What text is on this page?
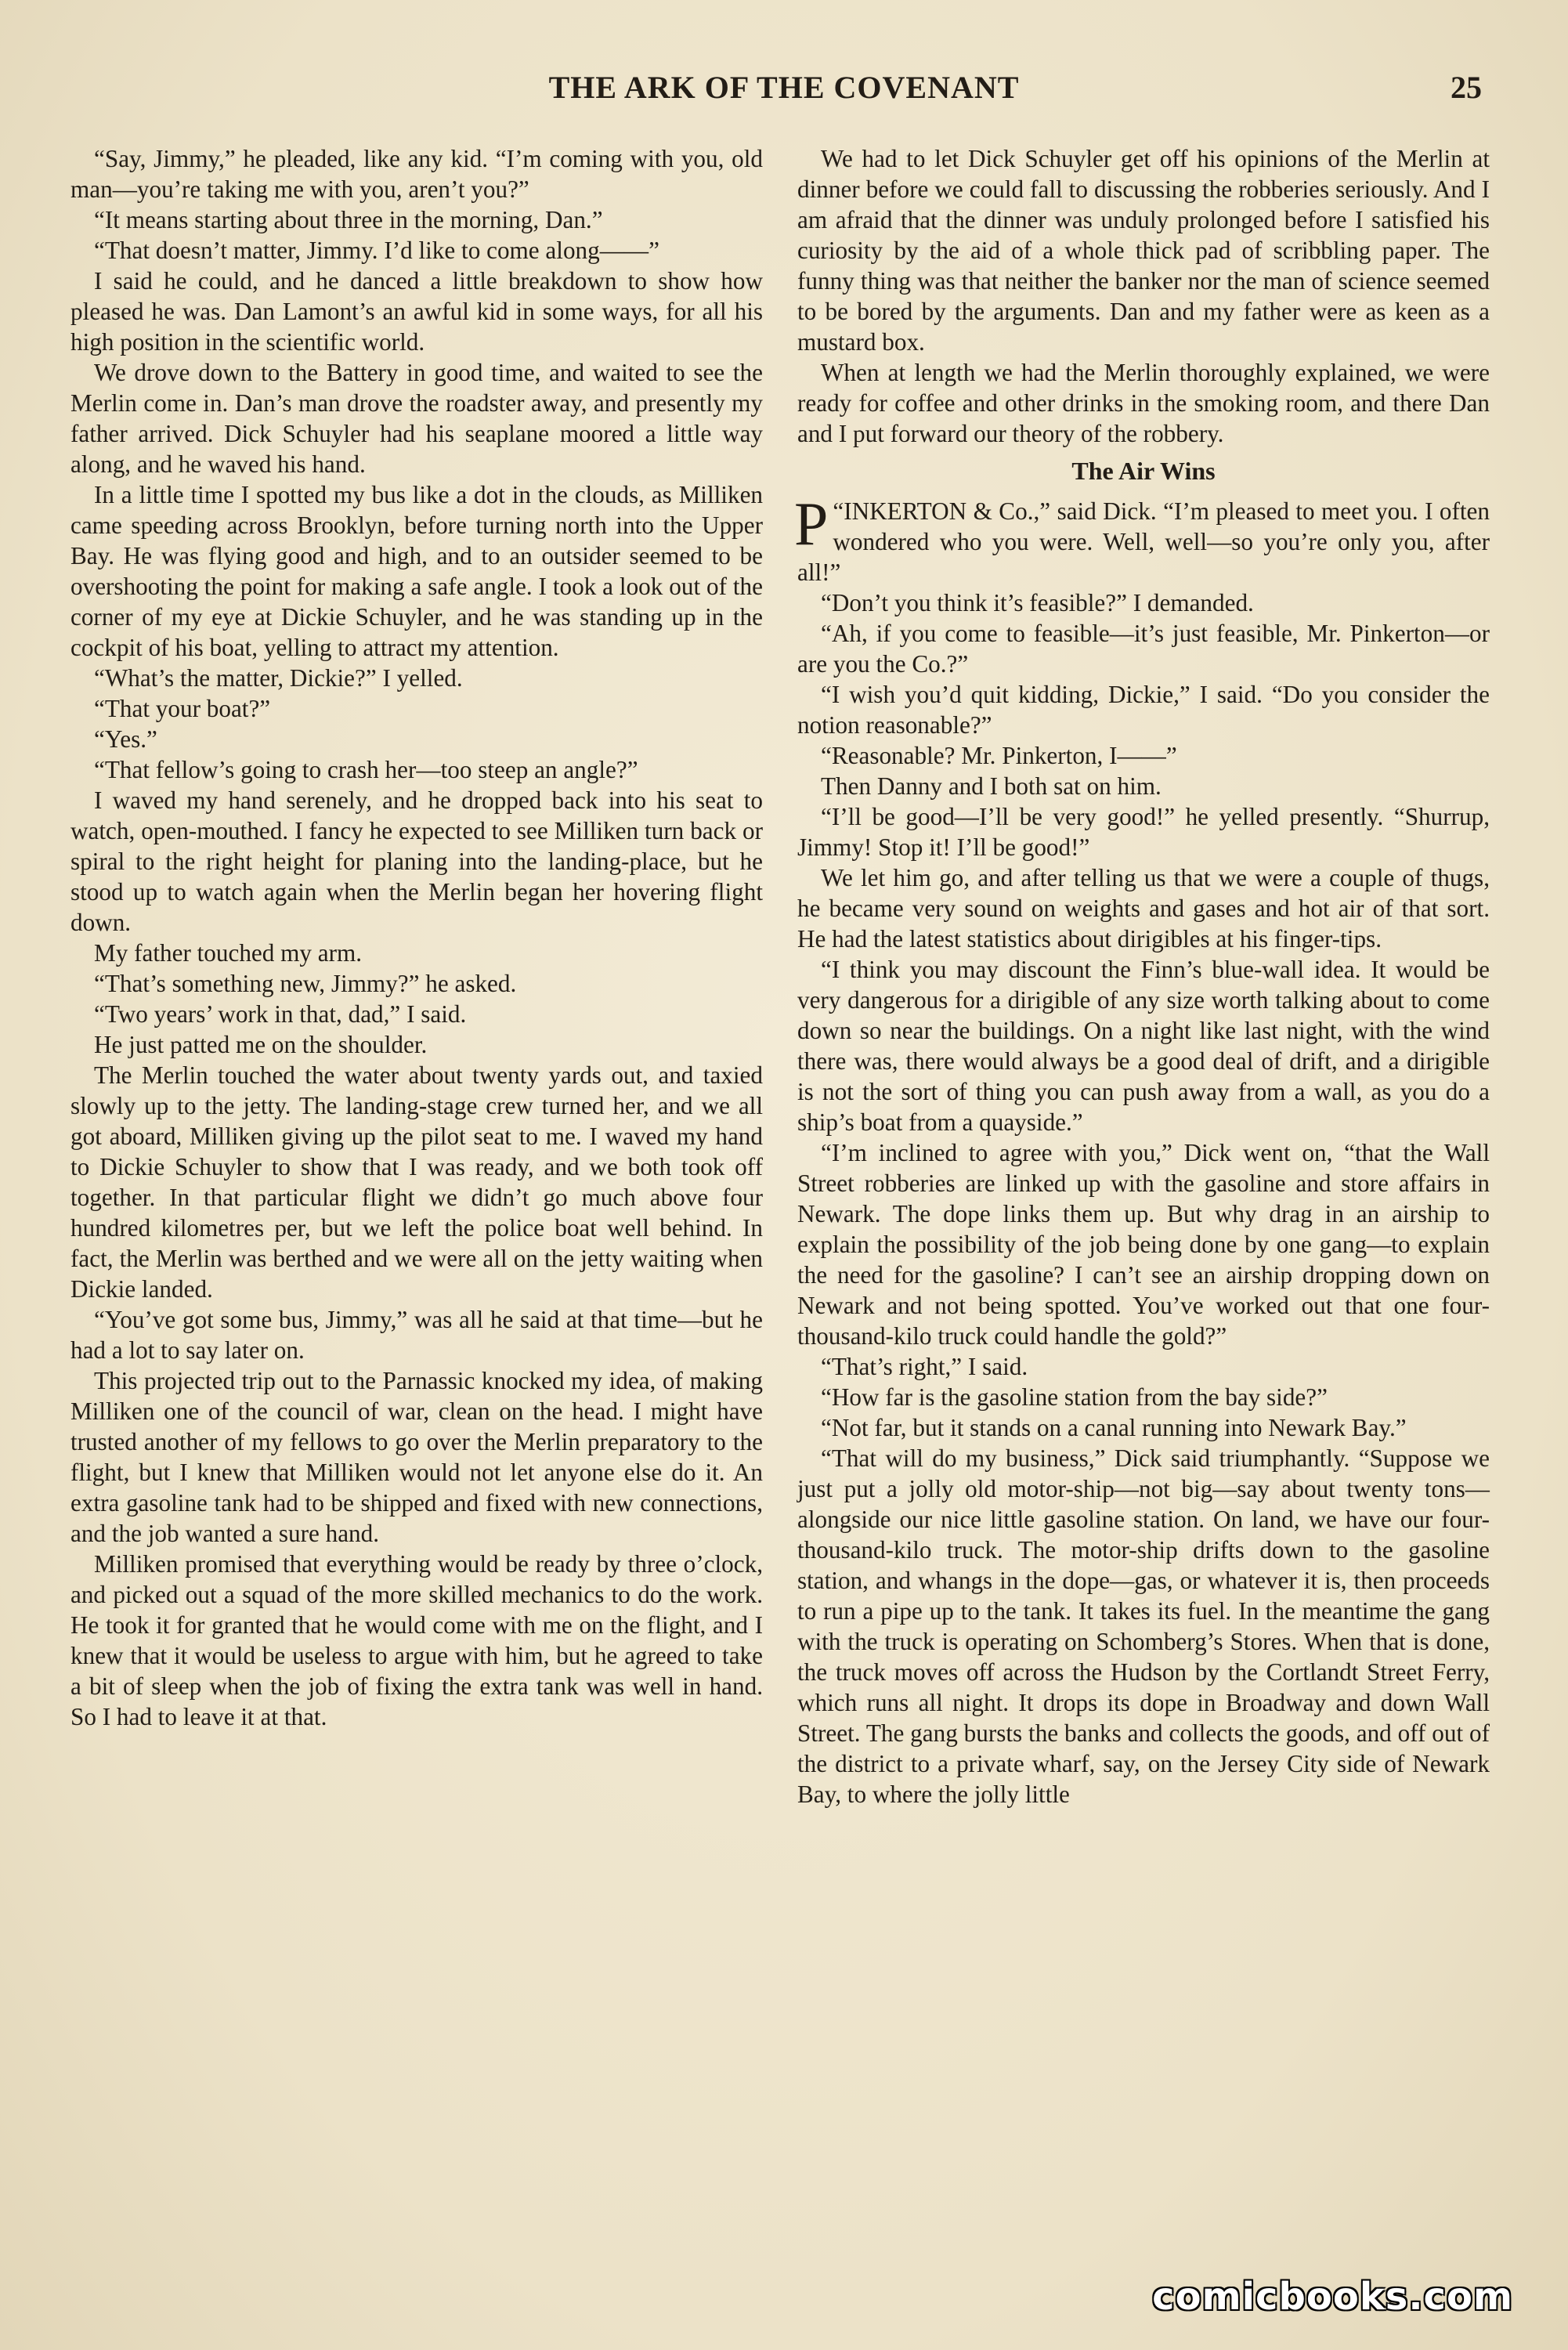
THE ARK OF THE COVENANT	25

“Say, Jimmy,” he pleaded, like any kid. “I’m coming with you, old man—you’re taking me with you, aren’t you?”

“It means starting about three in the morning, Dan.”

“That doesn’t matter, Jimmy. I’d like to come along——”

I said he could, and he danced a little breakdown to show how pleased he was. Dan Lamont’s an awful kid in some ways, for all his high position in the scientific world.

We drove down to the Battery in good time, and waited to see the Merlin come in. Dan’s man drove the roadster away, and presently my father arrived. Dick Schuyler had his seaplane moored a little way along, and he waved his hand.

In a little time I spotted my bus like a dot in the clouds, as Milliken came speeding across Brooklyn, before turning north into the Upper Bay. He was flying good and high, and to an outsider seemed to be overshooting the point for making a safe angle. I took a look out of the corner of my eye at Dickie Schuyler, and he was standing up in the cockpit of his boat, yelling to attract my attention.

“What’s the matter, Dickie?” I yelled.

“That your boat?”

“Yes.”

“That fellow’s going to crash her—too steep an angle?”

I waved my hand serenely, and he dropped back into his seat to watch, open-mouthed. I fancy he expected to see Milliken turn back or spiral to the right height for planing into the landing-place, but he stood up to watch again when the Merlin began her hovering flight down.

My father touched my arm.

“That’s something new, Jimmy?” he asked.

“Two years’ work in that, dad,” I said.

He just patted me on the shoulder.

The Merlin touched the water about twenty yards out, and taxied slowly up to the jetty. The landing-stage crew turned her, and we all got aboard, Milliken giving up the pilot seat to me. I waved my hand to Dickie Schuyler to show that I was ready, and we both took off together. In that particular flight we didn’t go much above four hundred kilometres per, but we left the police boat well behind. In fact, the Merlin was berthed and we were all on the jetty waiting when Dickie landed.

“You’ve got some bus, Jimmy,” was all he said at that time—but he had a lot to say later on.

This projected trip out to the Parnassic knocked my idea, of making Milliken one of the council of war, clean on the head. I might have trusted another of my fellows to go over the Merlin preparatory to the flight, but I knew that Milliken would not let anyone else do it. An extra gasoline tank had to be shipped and fixed with new connections, and the job wanted a sure hand.

Milliken promised that everything would be ready by three o’clock, and picked out a squad of the more skilled mechanics to do the work. He took it for granted that he would come with me on the flight, and I knew that it would be useless to argue with him, but he agreed to take a bit of sleep when the job of fixing the extra tank was well in hand. So I had to leave it at that.

We had to let Dick Schuyler get off his opinions of the Merlin at dinner before we could fall to discussing the robberies seriously. And I am afraid that the dinner was unduly prolonged before I satisfied his curiosity by the aid of a whole thick pad of scribbling paper. The funny thing was that neither the banker nor the man of science seemed to be bored by the arguments. Dan and my father were as keen as a mustard box.

When at length we had the Merlin thoroughly explained, we were ready for coffee and other drinks in the smoking room, and there Dan and I put forward our theory of the robbery.

The Air Wins

“
P INKERTON & Co.,” said Dick. “I’m pleased to meet you. I often wondered who you were. Well, well—so you’re only you, after all!”

“Don’t you think it’s feasible?” I demanded.

“Ah, if you come to feasible—it’s just feasible, Mr. Pinkerton—or are you the Co.?”

“I wish you’d quit kidding, Dickie,” I said. “Do you consider the notion reasonable?”

“Reasonable? Mr. Pinkerton, I——”

Then Danny and I both sat on him.

“I’ll be good—I’ll be very good!” he yelled presently. “Shurrup, Jimmy! Stop it! I’ll be good!”

We let him go, and after telling us that we were a couple of thugs, he became very sound on weights and gases and hot air of that sort. He had the latest statistics about dirigibles at his finger-tips.

“I think you may discount the Finn’s blue-wall idea. It would be very dangerous for a dirigible of any size worth talking about to come down so near the buildings. On a night like last night, with the wind there was, there would always be a good deal of drift, and a dirigible is not the sort of thing you can push away from a wall, as you do a ship’s boat from a quayside.”

“I’m inclined to agree with you,” Dick went on, “that the Wall Street robberies are linked up with the gasoline and store affairs in Newark. The dope links them up. But why drag in an airship to explain the possibility of the job being done by one gang—to explain the need for the gasoline? I can’t see an airship dropping down on Newark and not being spotted. You’ve worked out that one four-thousand-kilo truck could handle the gold?”

“That’s right,” I said.

“How far is the gasoline station from the bay side?”

“Not far, but it stands on a canal running into Newark Bay.”

“That will do my business,” Dick said triumphantly. “Suppose we just put a jolly old motor-ship—not big—say about twenty tons—alongside our nice little gasoline station. On land, we have our four-thousand-kilo truck. The motor-ship drifts down to the gasoline station, and whangs in the dope—gas, or whatever it is, then proceeds to run a pipe up to the tank. It takes its fuel. In the meantime the gang with the truck is operating on Schomberg’s Stores. When that is done, the truck moves off across the Hudson by the Cortlandt Street Ferry, which runs all night. It drops its dope in Broadway and down Wall Street. The gang bursts the banks and collects the goods, and off out of the district to a private wharf, say, on the Jersey City side of Newark Bay, to where the jolly little

comicbooks.com
